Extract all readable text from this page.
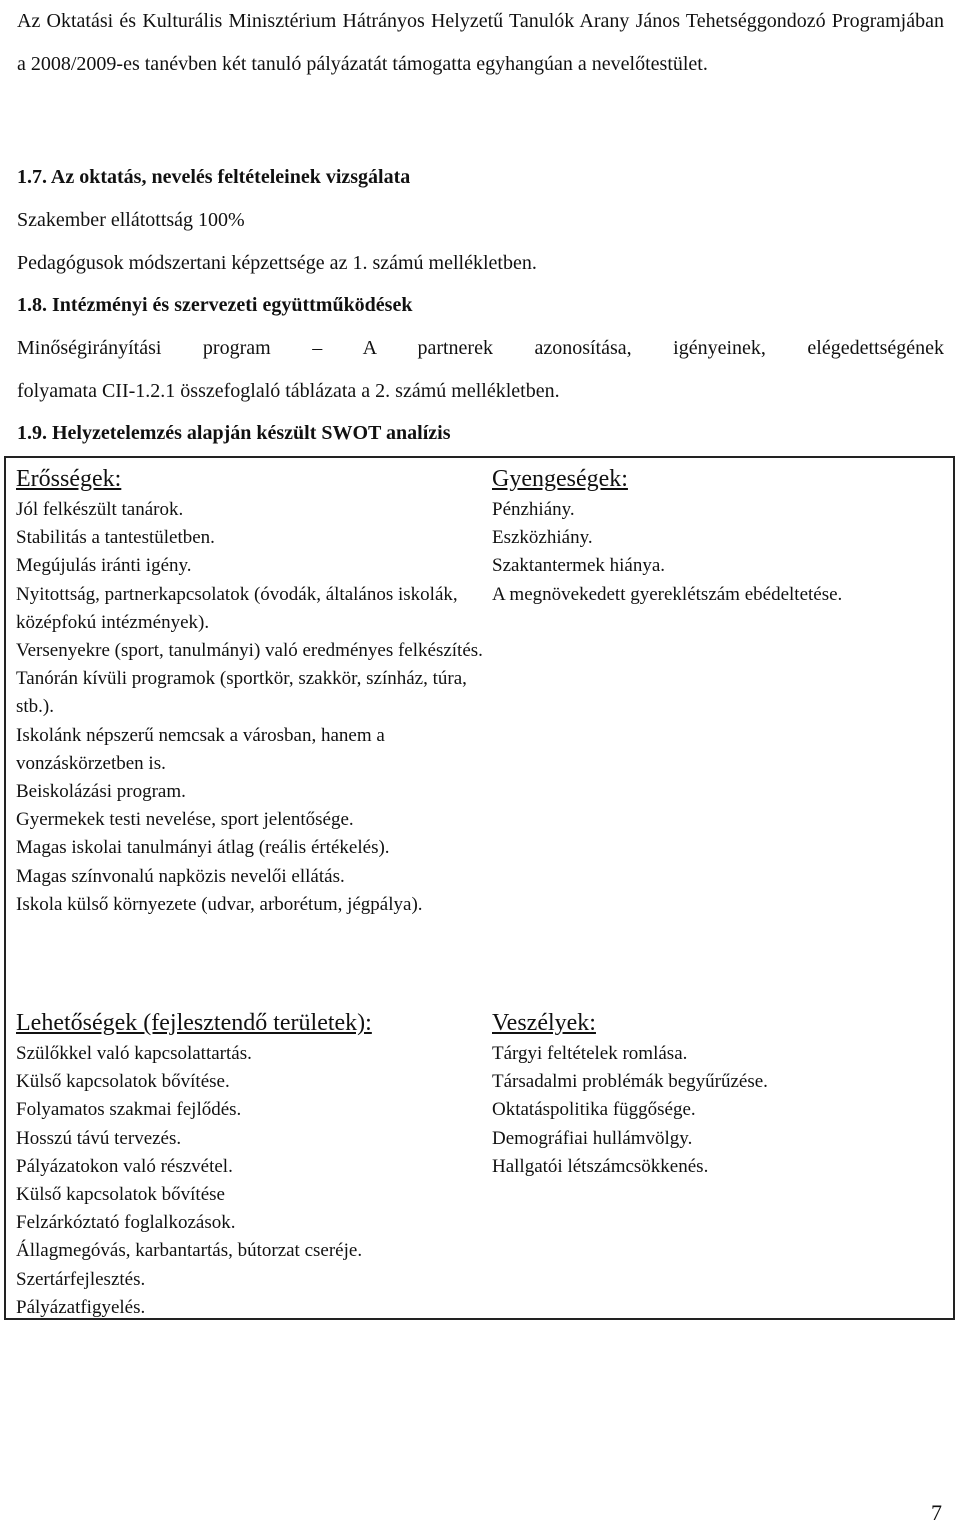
Az Oktatási és Kulturális Minisztérium Hátrányos Helyzetű Tanulók Arany János Tehetséggondozó Programjában a 2008/2009-es tanévben két tanuló pályázatát támogatta egyhangúan a nevelőtestület.
1.7. Az oktatás, nevelés feltételeinek vizsgálata
Szakember ellátottság 100%
Pedagógusok módszertani képzettsége az 1. számú mellékletben.
1.8. Intézményi és szervezeti együttműködések
Minőségirányítási program – A partnerek azonosítása, igényeinek, elégedettségének
folyamata CII-1.2.1 összefoglaló táblázata a 2. számú mellékletben.
1.9. Helyzetelemzés alapján készült SWOT analízis
Erősségek:
Jól felkészült tanárok.
Stabilitás a tantestületben.
Megújulás iránti igény.
Nyitottság, partnerkapcsolatok (óvodák, általános iskolák, középfokú intézmények).
Versenyekre (sport, tanulmányi) való eredményes felkészítés.
Tanórán kívüli programok (sportkör, szakkör, színház, túra, stb.).
Iskolánk népszerű nemcsak a városban, hanem a vonzáskörzetben is.
Beiskolázási program.
Gyermekek testi nevelése, sport jelentősége.
Magas iskolai tanulmányi átlag (reális értékelés).
Magas színvonalú napközis nevelői ellátás.
Iskola külső környezete (udvar, arborétum, jégpálya).
Gyengeségek:
Pénzhiány.
Eszközhiány.
Szaktantermek hiánya.
A megnövekedett gyereklétszám ebédeltetése.
Lehetőségek (fejlesztendő területek):
Szülőkkel való kapcsolattartás.
Külső kapcsolatok bővítése.
Folyamatos szakmai fejlődés.
Hosszú távú tervezés.
Pályázatokon való részvétel.
Külső kapcsolatok bővítése
Felzárkóztató foglalkozások.
Állagmegóvás, karbantartás, bútorzat cseréje.
Szertárfejlesztés.
Pályázatfigyelés.
Veszélyek:
Tárgyi feltételek romlása.
Társadalmi problémák begyűrűzése.
Oktatáspolitika függősége.
Demográfiai hullámvölgy.
Hallgatói létszámcsökkenés.
7
